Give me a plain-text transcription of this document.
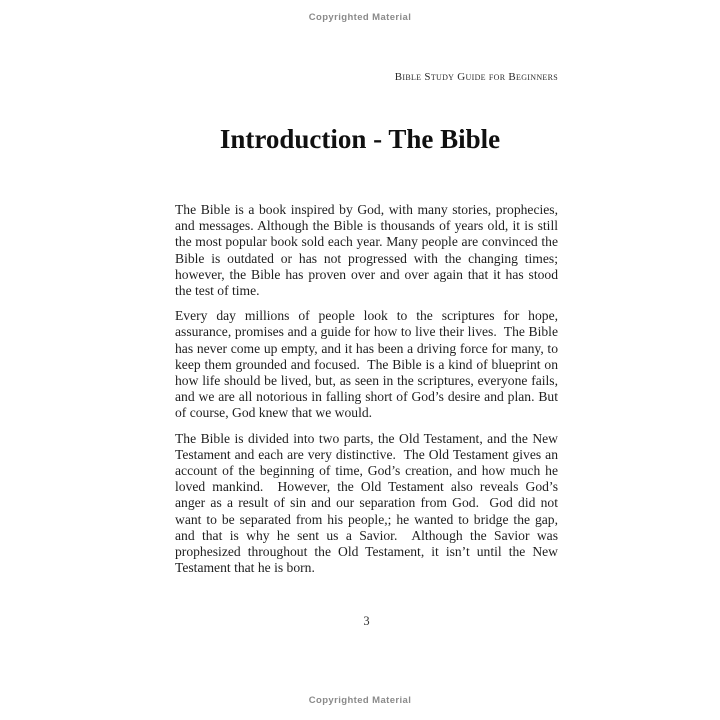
Copyrighted Material
Bible Study Guide for Beginners
Introduction - The Bible

The Bible is a book inspired by God, with many stories, prophecies, and messages. Although the Bible is thousands of years old, it is still the most popular book sold each year. Many people are convinced the Bible is outdated or has not progressed with the changing times; however, the Bible has proven over and over again that it has stood the test of time.

Every day millions of people look to the scriptures for hope, assurance, promises and a guide for how to live their lives.  The Bible has never come up empty, and it has been a driving force for many, to keep them grounded and focused.  The Bible is a kind of blueprint on how life should be lived, but, as seen in the scriptures, everyone fails, and we are all notorious in falling short of God’s desire and plan. But of course, God knew that we would.

The Bible is divided into two parts, the Old Testament, and the New Testament and each are very distinctive.  The Old Testament gives an account of the beginning of time, God’s creation, and how much he loved mankind.  However, the Old Testament also reveals God’s anger as a result of sin and our separation from God.  God did not want to be separated from his people,; he wanted to bridge the gap, and that is why he sent us a Savior.  Although the Savior was prophesized throughout the Old Testament, it isn’t until the New Testament that he is born.

3
Copyrighted Material
